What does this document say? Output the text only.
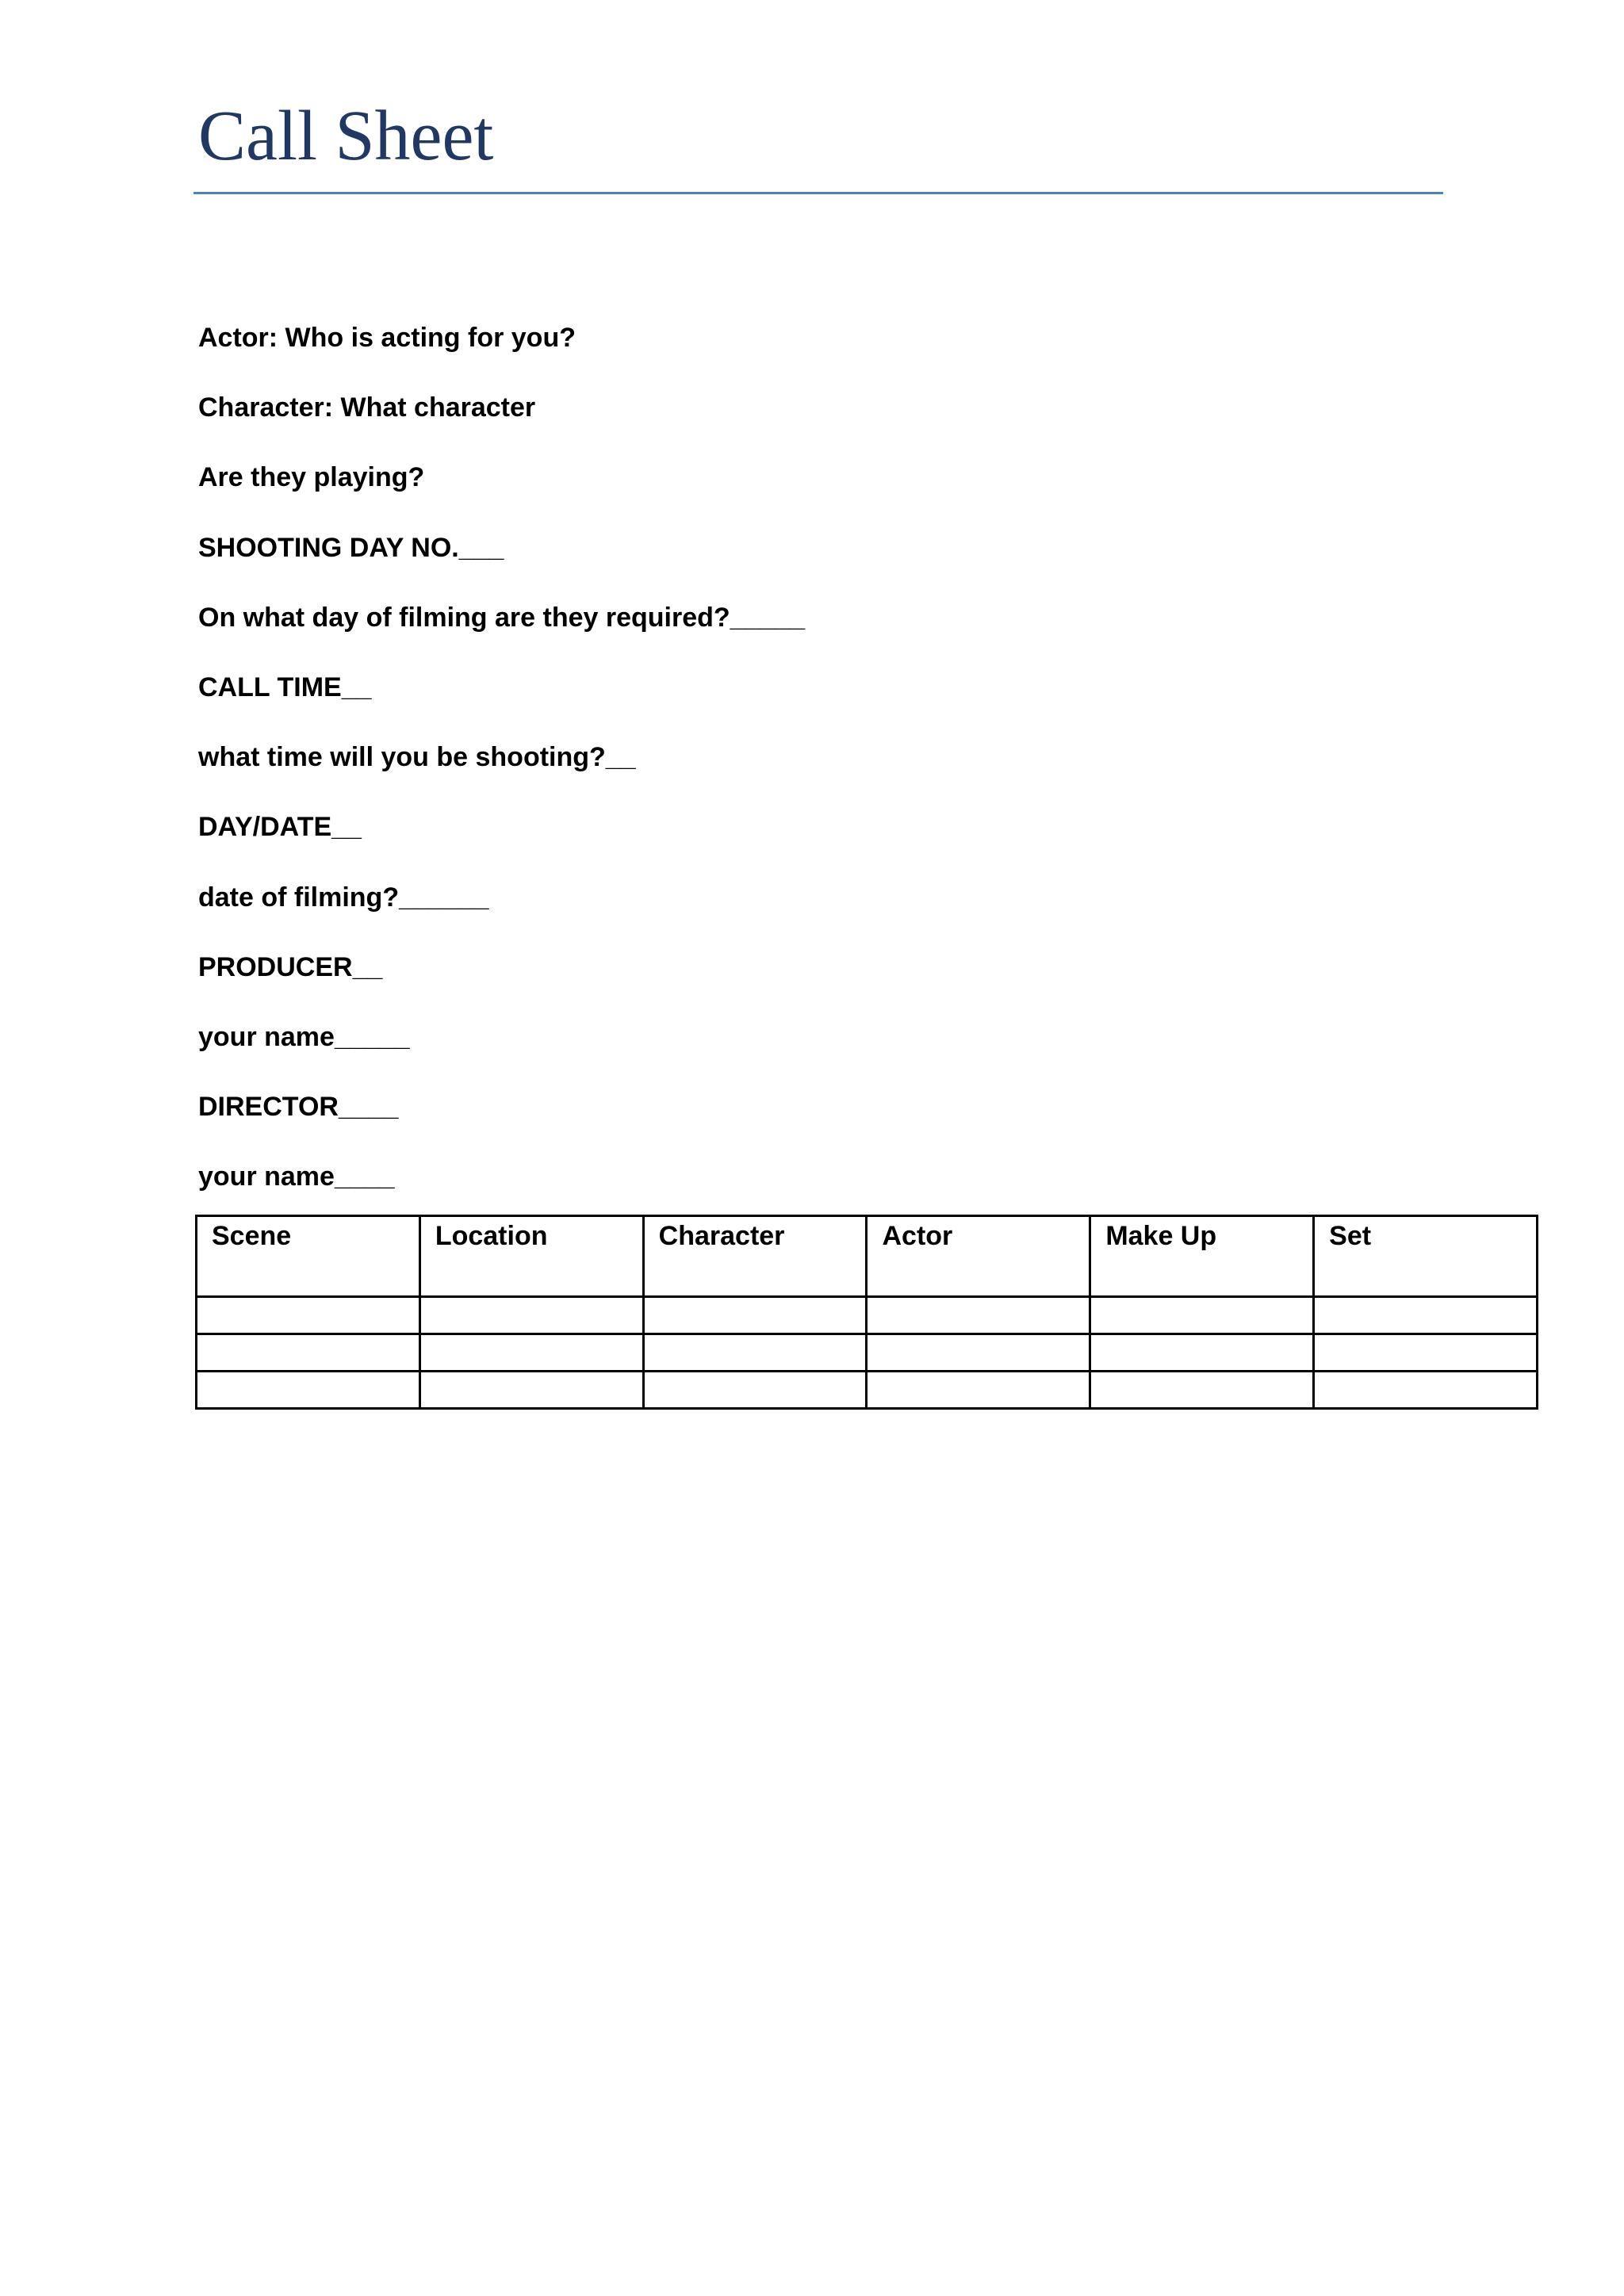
Call Sheet
Actor: Who is acting for you?
Character: What character
Are they playing?
SHOOTING DAY NO.___
On what day of filming are they required?_____
CALL TIME__
what time will you be shooting?__
DAY/DATE__
date of filming?______
PRODUCER__
your name_____
DIRECTOR____
your name____
Scene	Location	Character	Actor	Make Up	Set
